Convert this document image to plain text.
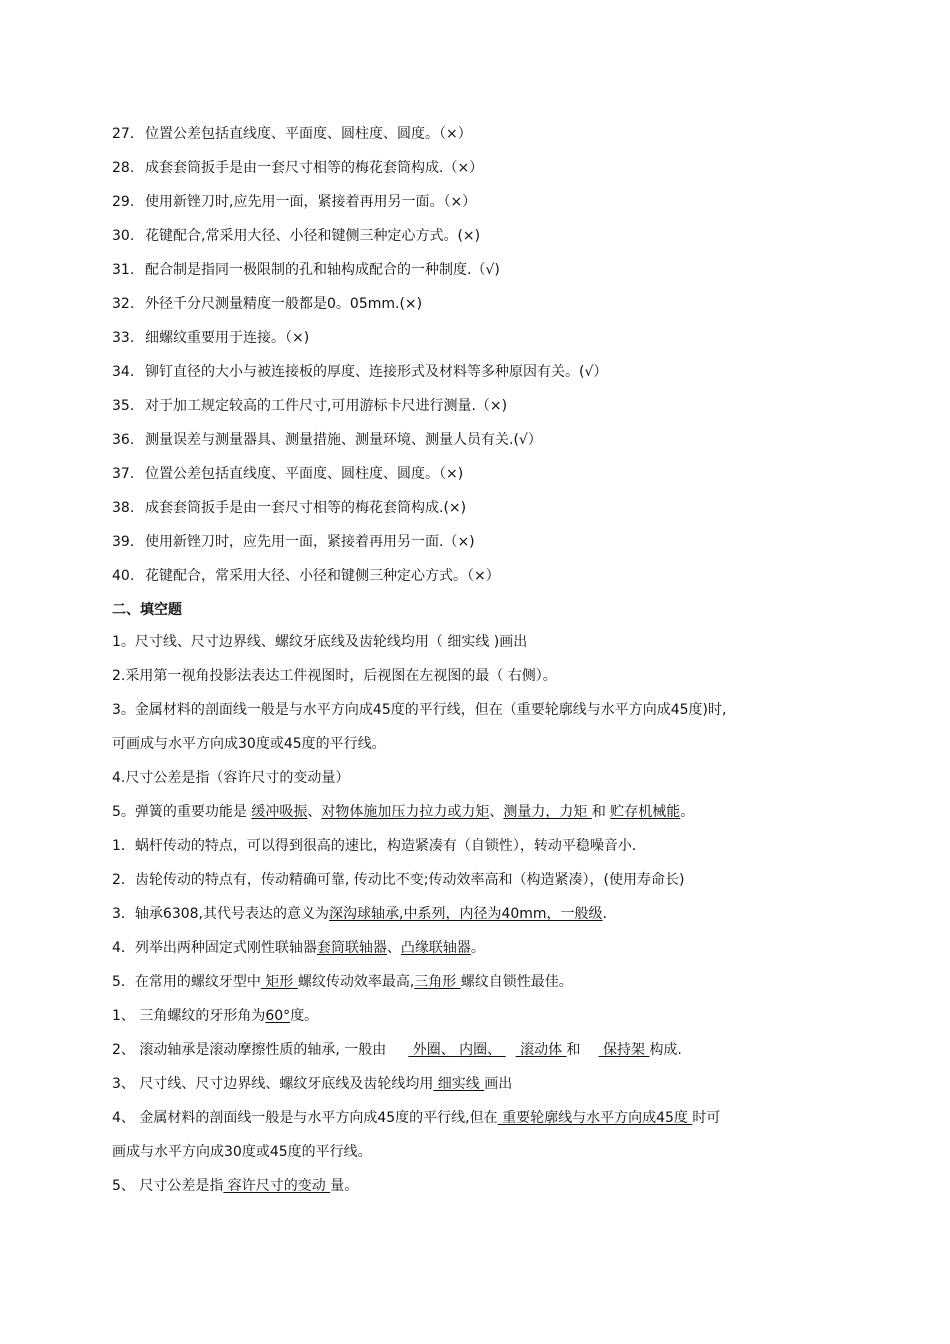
27. 位置公差包括直线度、平面度、圆柱度、圆度。（×）
28. 成套套筒扳手是由一套尺寸相等的梅花套筒构成.（×）
29. 使用新锉刀时,应先用一面，紧接着再用另一面。（×）
30. 花键配合,常采用大径、小径和键侧三种定心方式。(×)
31. 配合制是指同一极限制的孔和轴构成配合的一种制度.（√)
32. 外径千分尺测量精度一般都是0。05mm.(×)
33. 细螺纹重要用于连接。（×)
34. 铆钉直径的大小与被连接板的厚度、连接形式及材料等多种原因有关。(√）
35. 对于加工规定较高的工件尺寸,可用游标卡尺进行测量.（×)
36. 测量误差与测量器具、测量措施、测量环境、测量人员有关.(√）
37. 位置公差包括直线度、平面度、圆柱度、圆度。（×)
38. 成套套筒扳手是由一套尺寸相等的梅花套筒构成.(×)
39. 使用新锉刀时，应先用一面，紧接着再用另一面.（×)
40. 花键配合，常采用大径、小径和键侧三种定心方式。（×）
二、填空题
1。尺寸线、尺寸边界线、螺纹牙底线及齿轮线均用（ 细实线 )画出
2.采用第一视角投影法表达工件视图时，后视图在左视图的最（ 右侧）。
3。金属材料的剖面线一般是与水平方向成45度的平行线，但在（重要轮廓线与水平方向成45度)时,
可画成与水平方向成30度或45度的平行线。
4.尺寸公差是指（容许尺寸的变动量）
5。弹簧的重要功能是 缓冲吸振、对物体施加压力拉力或力矩、测量力，力矩 和 贮存机械能。
1．蜗杆传动的特点，可以得到很高的速比，构造紧凑有（自锁性），转动平稳噪音小.
2．齿轮传动的特点有，传动精确可靠, 传动比不变;传动效率高和（构造紧凑），(使用寿命长)
3．轴承6308,其代号表达的意义为深沟球轴承,中系列，内径为40mm，一般级.
4．列举出两种固定式刚性联轴器套筒联轴器、凸缘联轴器。
5．在常用的螺纹牙型中 矩形 螺纹传动效率最高,三角形 螺纹自锁性最佳。
1、 三角螺纹的牙形角为60°度。
2、 滚动轴承是滚动摩擦性质的轴承, 一般由 外圈、 内圈、  滚动体 和 保持架 构成.
3、 尺寸线、尺寸边界线、螺纹牙底线及齿轮线均用 细实线 画出
4、 金属材料的剖面线一般是与水平方向成45度的平行线,但在 重要轮廓线与水平方向成45度 时可
画成与水平方向成30度或45度的平行线。
5、 尺寸公差是指 容许尺寸的变动 量。
